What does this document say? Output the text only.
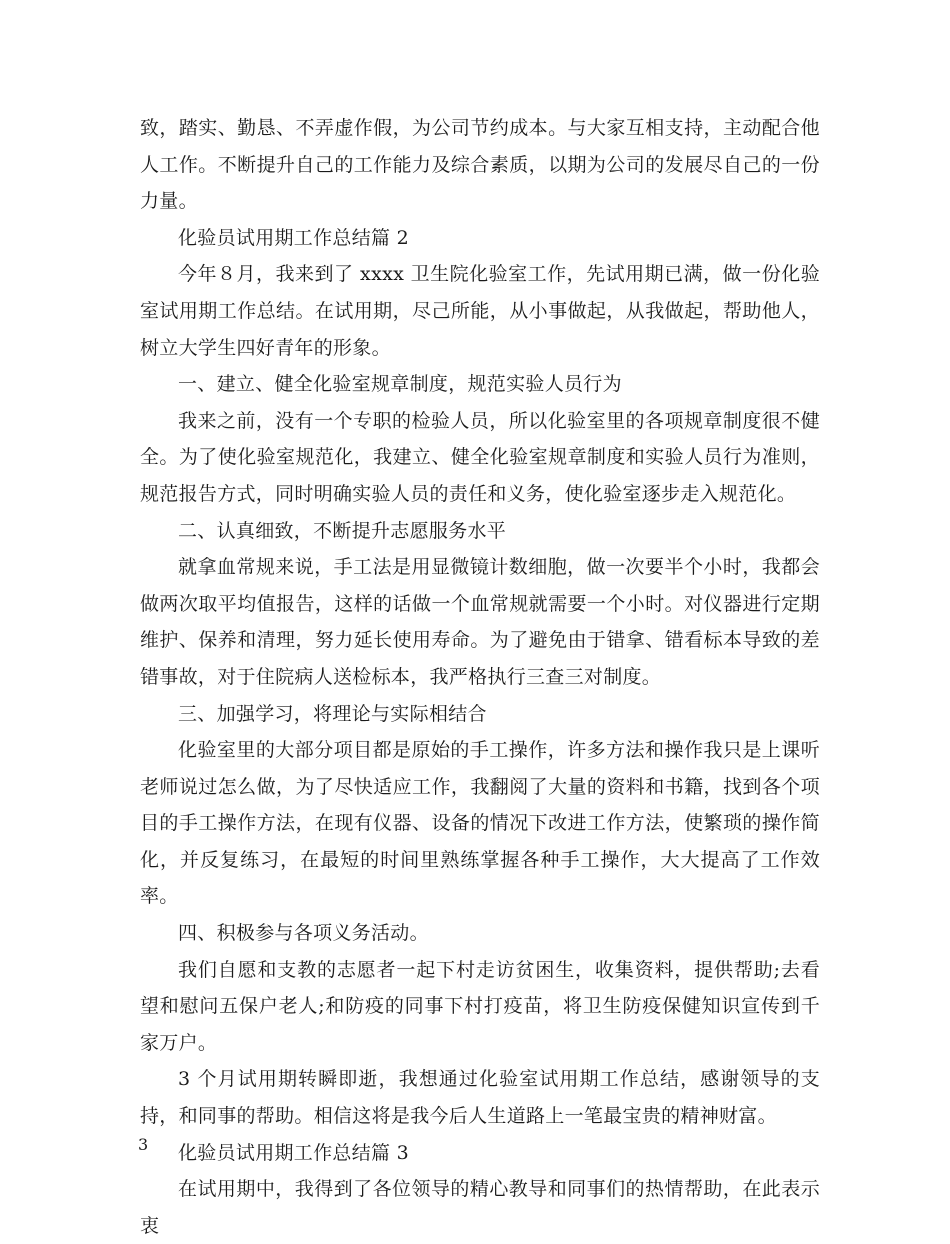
致，踏实、勤恳、不弄虚作假，为公司节约成本。与大家互相支持，主动配合他人工作。不断提升自己的工作能力及综合素质，以期为公司的发展尽自己的一份力量。

化验员试用期工作总结篇 2

今年８月，我来到了 xxxx 卫生院化验室工作，先试用期已满，做一份化验室试用期工作总结。在试用期，尽己所能，从小事做起，从我做起，帮助他人，树立大学生四好青年的形象。

一、建立、健全化验室规章制度，规范实验人员行为

我来之前，没有一个专职的检验人员，所以化验室里的各项规章制度很不健全。为了使化验室规范化，我建立、健全化验室规章制度和实验人员行为准则，规范报告方式，同时明确实验人员的责任和义务，使化验室逐步走入规范化。

二、认真细致，不断提升志愿服务水平

就拿血常规来说，手工法是用显微镜计数细胞，做一次要半个小时，我都会做两次取平均值报告，这样的话做一个血常规就需要一个小时。对仪器进行定期维护、保养和清理，努力延长使用寿命。为了避免由于错拿、错看标本导致的差错事故，对于住院病人送检标本，我严格执行三查三对制度。

三、加强学习，将理论与实际相结合

化验室里的大部分项目都是原始的手工操作，许多方法和操作我只是上课听老师说过怎么做，为了尽快适应工作，我翻阅了大量的资料和书籍，找到各个项目的手工操作方法，在现有仪器、设备的情况下改进工作方法，使繁琐的操作简化，并反复练习，在最短的时间里熟练掌握各种手工操作，大大提高了工作效率。

四、积极参与各项义务活动。

我们自愿和支教的志愿者一起下村走访贫困生，收集资料，提供帮助;去看望和慰问五保户老人;和防疫的同事下村打疫苗，将卫生防疫保健知识宣传到千家万户。

3 个月试用期转瞬即逝，我想通过化验室试用期工作总结，感谢领导的支持，和同事的帮助。相信这将是我今后人生道路上一笔最宝贵的精神财富。

化验员试用期工作总结篇 3

在试用期中，我得到了各位领导的精心教导和同事们的热情帮助，在此表示衷

3
